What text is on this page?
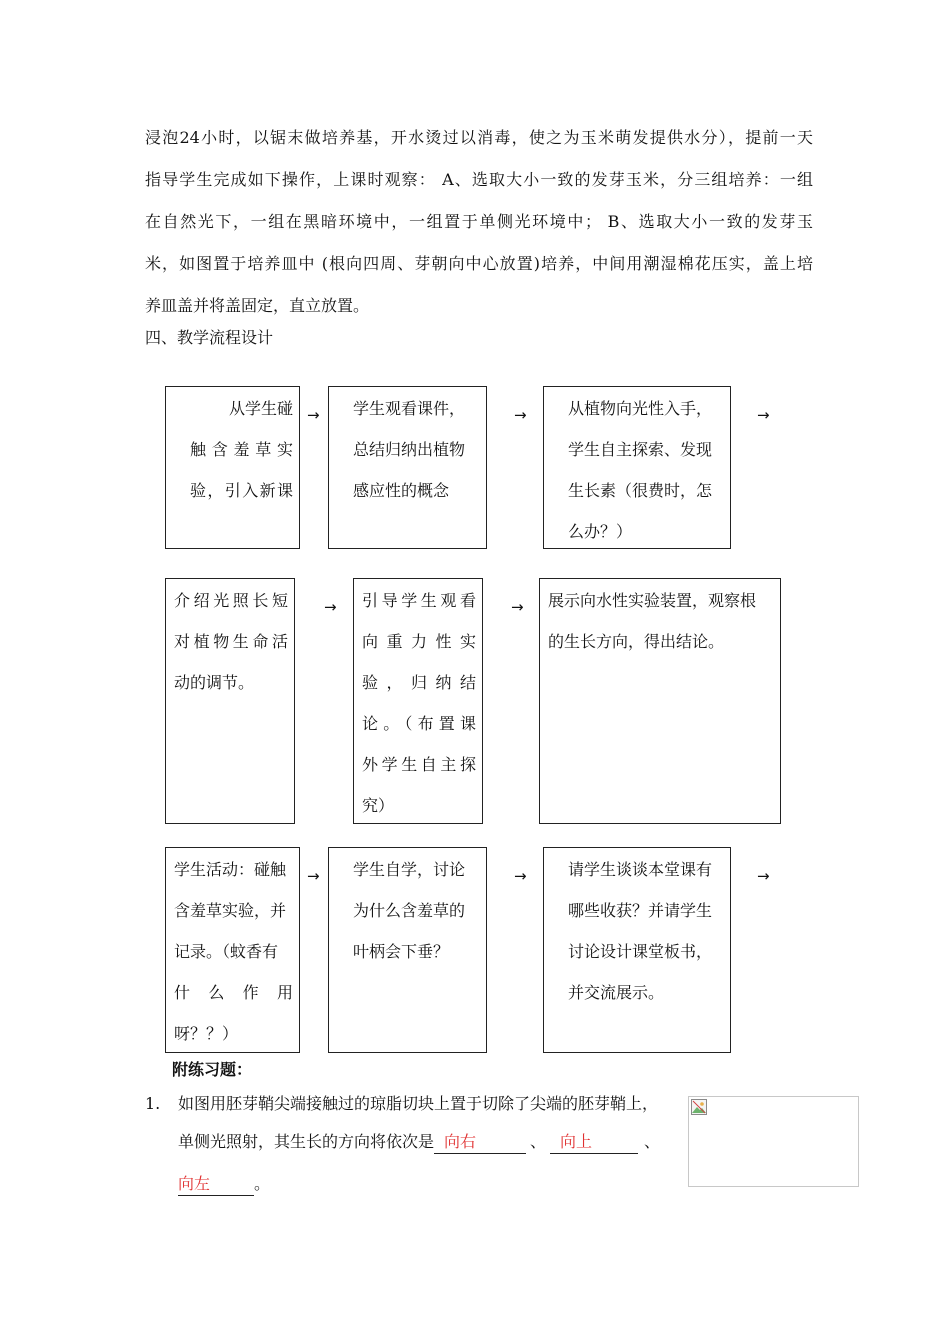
浸泡24小时，以锯末做培养基，开水烫过以消毒，使之为玉米萌发提供水分），提前一天
指导学生完成如下操作，上课时观察： A、选取大小一致的发芽玉米，分三组培养：一组
在自然光下，一组在黑暗环境中，一组置于单侧光环境中； B、选取大小一致的发芽玉
米，如图置于培养皿中 (根向四周、芽朝向中心放置)培养，中间用潮湿棉花压实，盖上培
养皿盖并将盖固定，直立放置。
四、教学流程设计
从学生碰
触含羞草实
验，引入新课
→ 学生观看课件，
总结归纳出植物
感应性的概念
→	从植物向光性入手，
学生自主探索、发现
生长素（很费时，怎
么办？）
→
介绍光照长短
对植物生命活
动的调节。
→ 引导学生观看
向重力性实
验，归纳结
论。（布置课
外学生自主探
究）
→ 展示向水性实验装置，观察根
的生长方向，得出结论。
学生活动：碰触
含羞草实验，并
记录。（蚊香有
什么作用
呀？？）
→ 学生自学，讨论
为什么含羞草的
叶柄会下垂？
→	请学生谈谈本堂课有
哪些收获？并请学生
讨论设计课堂板书，
并交流展示。
→
附练习题：
1. 如图用胚芽鞘尖端接触过的琼脂切块上置于切除了尖端的胚芽鞘上，
单侧光照射，其生长的方向将依次是 向右	、 向上	、
向左	。
